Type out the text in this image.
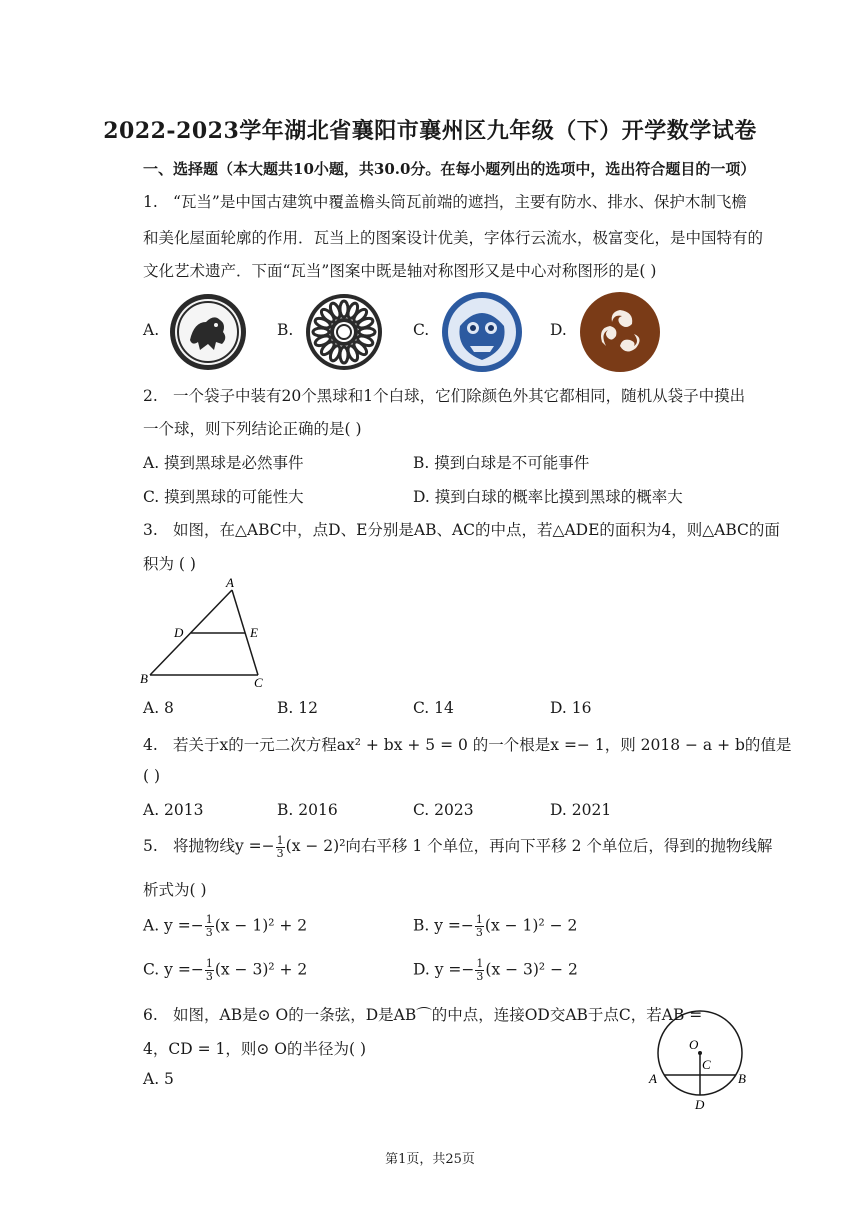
2022-2023学年湖北省襄阳市襄州区九年级（下）开学数学试卷
一、选择题（本大题共10小题，共30.0分。在每小题列出的选项中，选出符合题目的一项）
1. “瓦当”是中国古建筑中覆盖檐头筒瓦前端的遮挡，主要有防水、排水、保护木制飞檐
和美化屋面轮廓的作用．瓦当上的图案设计优美，字体行云流水，极富变化，是中国特有的
文化艺术遗产．下面“瓦当”图案中既是轴对称图形又是中心对称图形的是( )
A.	B.	C.	D.
2. 一个袋子中装有20个黑球和1个白球，它们除颜色外其它都相同，随机从袋子中摸出
一个球，则下列结论正确的是( )
A. 摸到黑球是必然事件	B. 摸到白球是不可能事件
C. 摸到黑球的可能性大	D. 摸到白球的概率比摸到黑球的概率大
3. 如图，在△ABC中，点D、E分别是AB、AC的中点，若△ADE的面积为4，则△ABC的面
积为 ( )
A
D	E
B	C
A. 8	B. 12	C. 14	D. 16
4. 若关于x的一元二次方程ax² + bx + 5 = 0 的一个根是x =− 1，则 2018 − a + b的值是
( )
A. 2013	B. 2016	C. 2023	D. 2021
5. 将抛物线$y =- \frac{1}{3} (x - 2)^2$向右平移 1 个单位，再向下平移 2 个单位后，得到的抛物线解
析式为( )
A. $y =- \frac{1}{3} (x - 1)^2 + 2$	B. $y =- \frac{1}{3} (x - 1)^2 - 2$
C. $y =- \frac{1}{3} (x - 3)^2 + 2$	D. $y =- \frac{1}{3} (x - 3)^2 - 2$
6. 如图，AB是⊙ O的一条弦，D是AB⌒的中点，连接OD交AB于点C，若AB =
4，CD = 1，则⊙ O的半径为( )
A. 5
O
C
A	B
D
第1页，共25页
